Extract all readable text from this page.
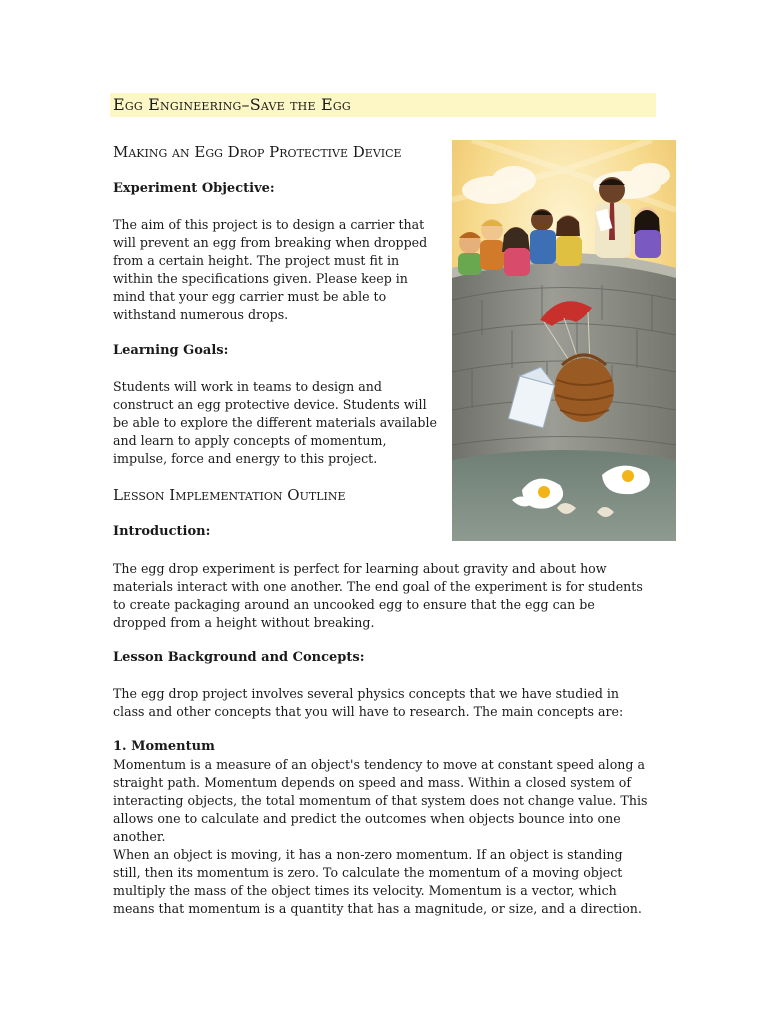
Egg Engineering–Save the Egg
Making an Egg Drop Protective Device
Experiment Objective:

The aim of this project is to design a carrier that will prevent an egg from breaking when dropped from a certain height. The project must fit in within the specifications given. Please keep in mind that your egg carrier must be able to withstand numerous drops.

Learning Goals:

Students will work in teams to design and construct an egg protective device. Students will be able to explore the different materials available and learn to apply concepts of momentum, impulse, force and energy to this project.

Lesson Implementation Outline
Introduction:

The egg drop experiment is perfect for learning about gravity and about how materials interact with one another. The end goal of the experiment is for students to create packaging around an uncooked egg to ensure that the egg can be dropped from a height without breaking.

Lesson Background and Concepts:

The egg drop project involves several physics concepts that we have studied in class and other concepts that you will have to research. The main concepts are:

1. Momentum

Momentum is a measure of an object's tendency to move at constant speed along a straight path. Momentum depends on speed and mass. Within a closed system of interacting objects, the total momentum of that system does not change value. This allows one to calculate and predict the outcomes when objects bounce into one another.

When an object is moving, it has a non-zero momentum. If an object is standing still, then its momentum is zero. To calculate the momentum of a moving object multiply the mass of the object times its velocity. Momentum is a vector, which means that momentum is a quantity that has a magnitude, or size, and a direction.
